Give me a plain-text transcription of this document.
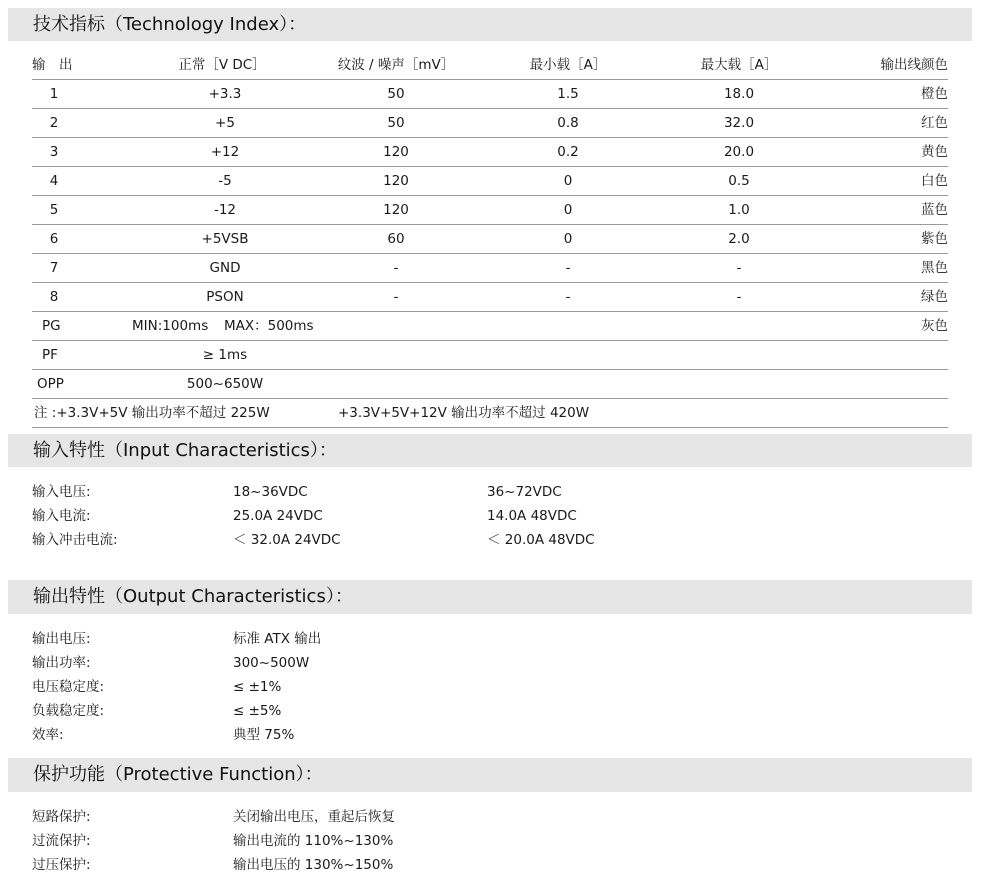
技术指标（Technology Index）：
输　出	正常［V DC］	纹波 / 噪声［mV］	最小载［A］	最大载［A］	输出线颜色
1	+3.3	50	1.5	18.0	橙色
2	+5	50	0.8	32.0	红色
3	+12	120	0.2	20.0	黄色
4	-5	120	0	0.5	白色
5	-12	120	0	1.0	蓝色
6	+5VSB	60	0	2.0	紫色
7	GND	-	-	-	黑色
8	PSON	-	-	-	绿色
PG	MIN:100ms MAX：500ms	灰色
PF	≥ 1ms
OPP	500~650W
注 :+3.3V+5V 输出功率不超过 225W	+3.3V+5V+12V 输出功率不超过 420W
输入特性（Input Characteristics）：
输入电压:	18~36VDC	36~72VDC
输入电流:	25.0A 24VDC	14.0A 48VDC
输入冲击电流:	＜ 32.0A 24VDC	＜ 20.0A 48VDC
输出特性（Output Characteristics）：
输出电压:	标准 ATX 输出
输出功率:	300~500W
电压稳定度:	≤ ±1%
负载稳定度:	≤ ±5%
效率:	典型 75%
保护功能（Protective Function）：
短路保护:	关闭输出电压，重起后恢复
过流保护:	输出电流的 110%~130%
过压保护:	输出电压的 130%~150%
